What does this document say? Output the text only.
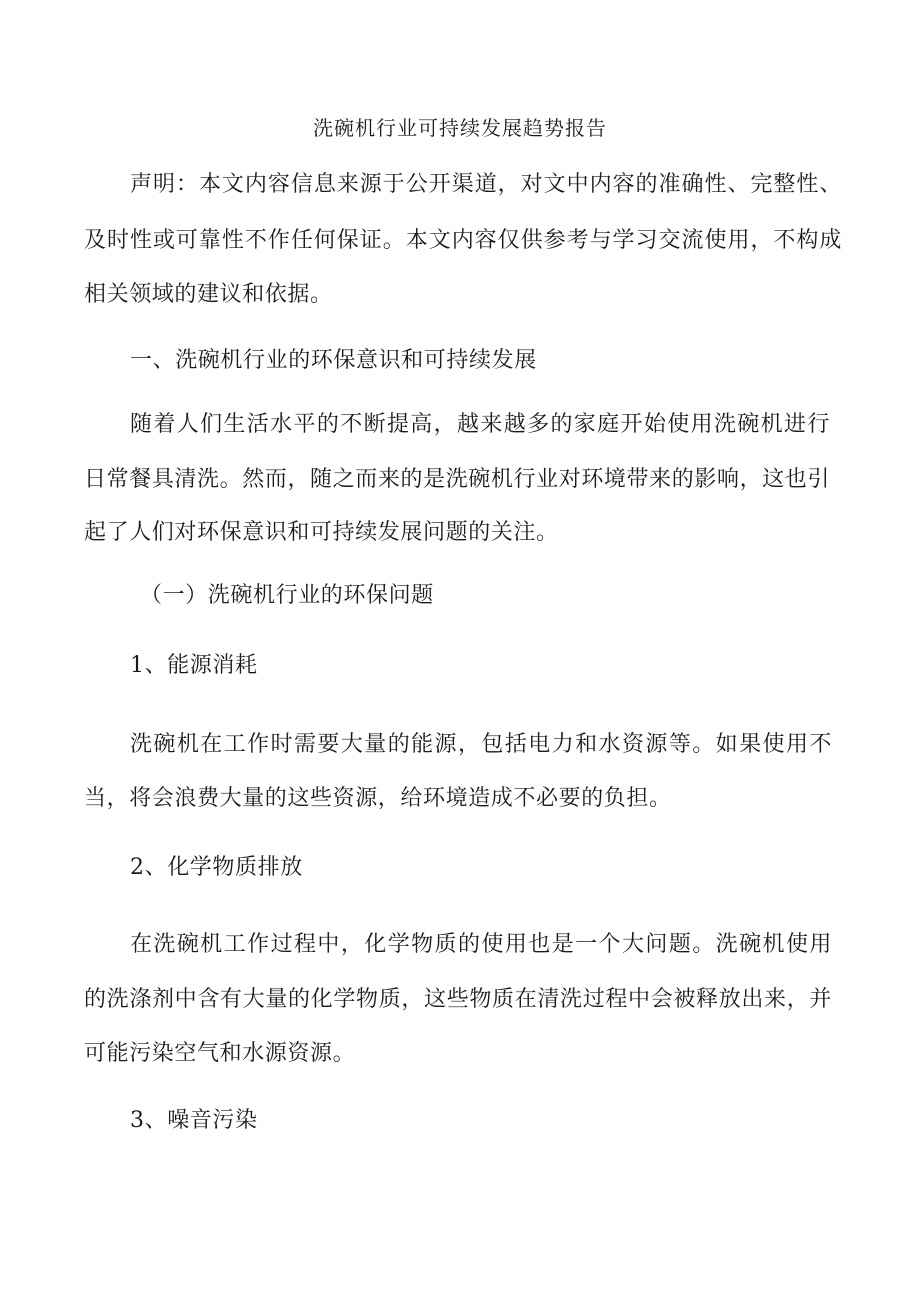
洗碗机行业可持续发展趋势报告
声明：本文内容信息来源于公开渠道，对文中内容的准确性、完整性、
及时性或可靠性不作任何保证。本文内容仅供参考与学习交流使用，不构成
相关领域的建议和依据。
一、洗碗机行业的环保意识和可持续发展
随着人们生活水平的不断提高，越来越多的家庭开始使用洗碗机进行
日常餐具清洗。然而，随之而来的是洗碗机行业对环境带来的影响，这也引
起了人们对环保意识和可持续发展问题的关注。
（一）洗碗机行业的环保问题
1、能源消耗
洗碗机在工作时需要大量的能源，包括电力和水资源等。如果使用不
当，将会浪费大量的这些资源，给环境造成不必要的负担。
2、化学物质排放
在洗碗机工作过程中，化学物质的使用也是一个大问题。洗碗机使用
的洗涤剂中含有大量的化学物质，这些物质在清洗过程中会被释放出来，并
可能污染空气和水源资源。
3、噪音污染
